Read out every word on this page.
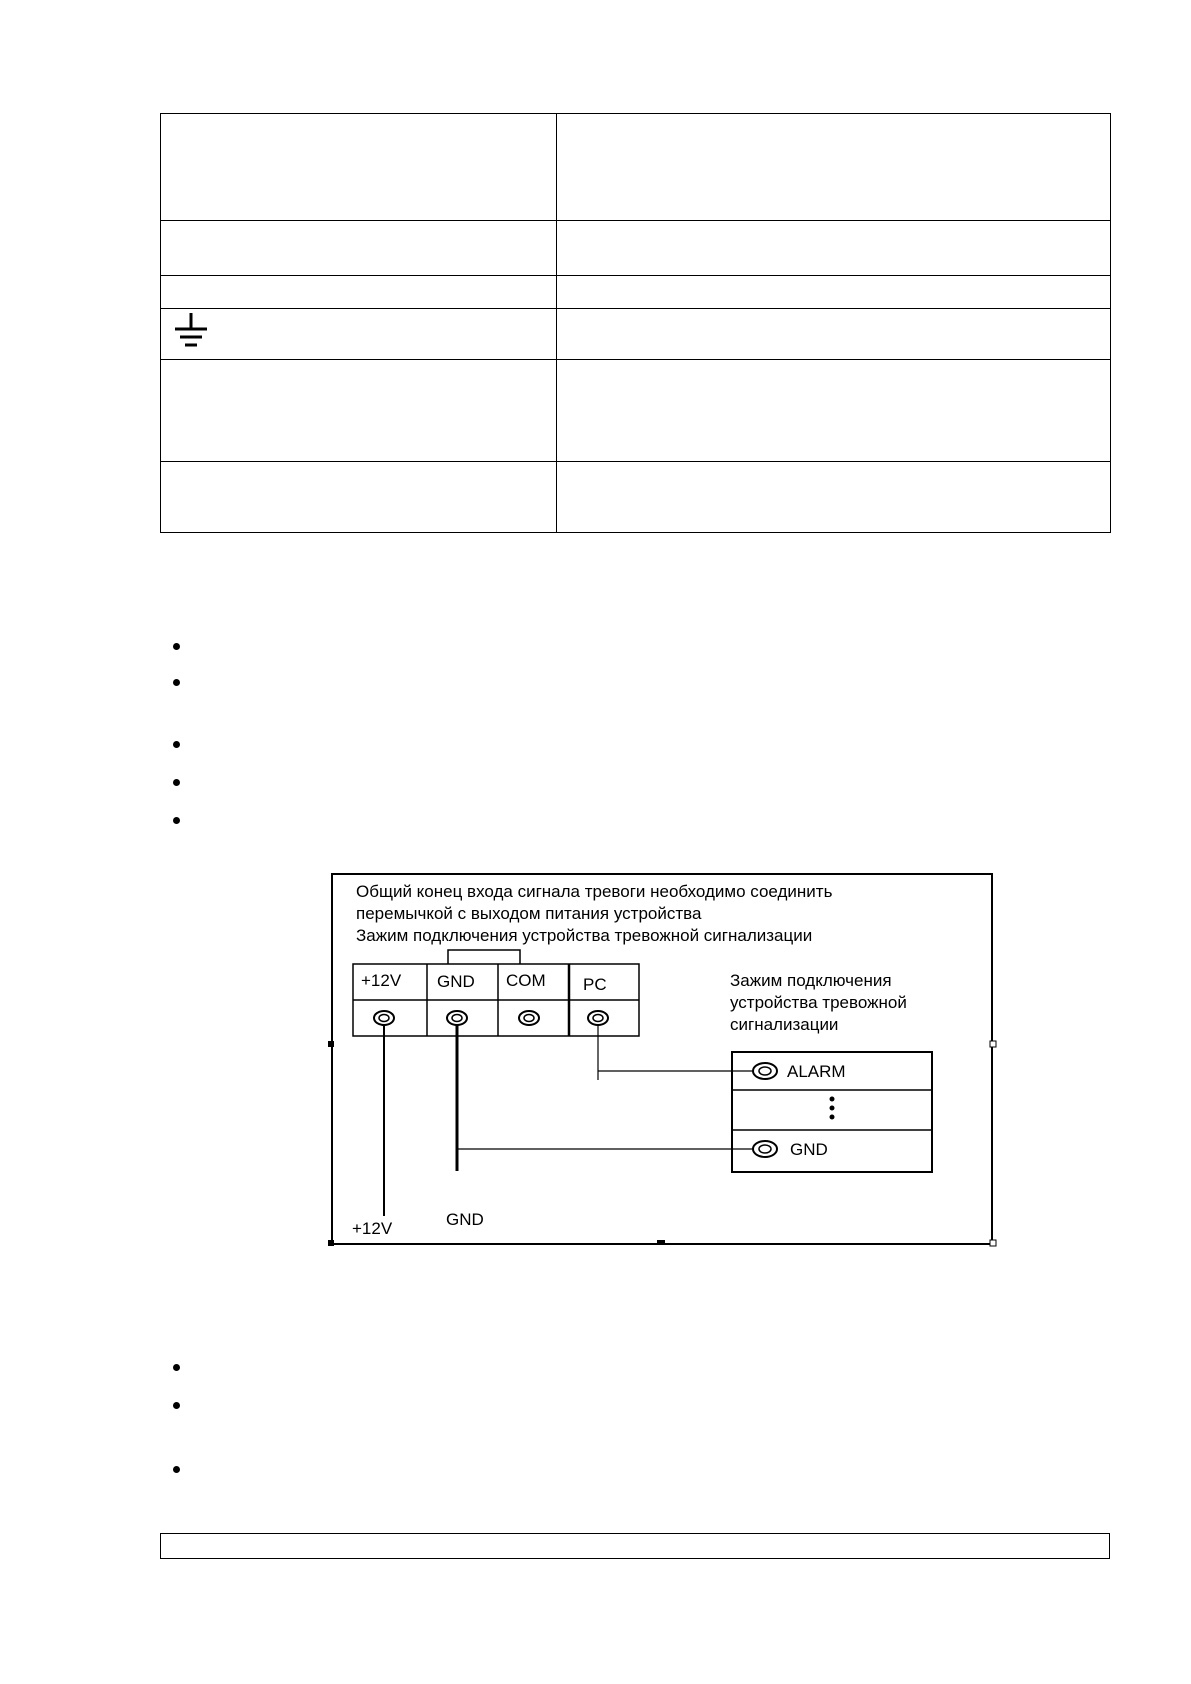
Общий конец входа сигнала тревоги необходимо соединить
перемычкой с выходом питания устройства
Зажим подключения устройства тревожной сигнализации
+12V GND COM PC	Зажим подключения
устройства тревожной
сигнализации
ALARM
GND
+12V	GND
